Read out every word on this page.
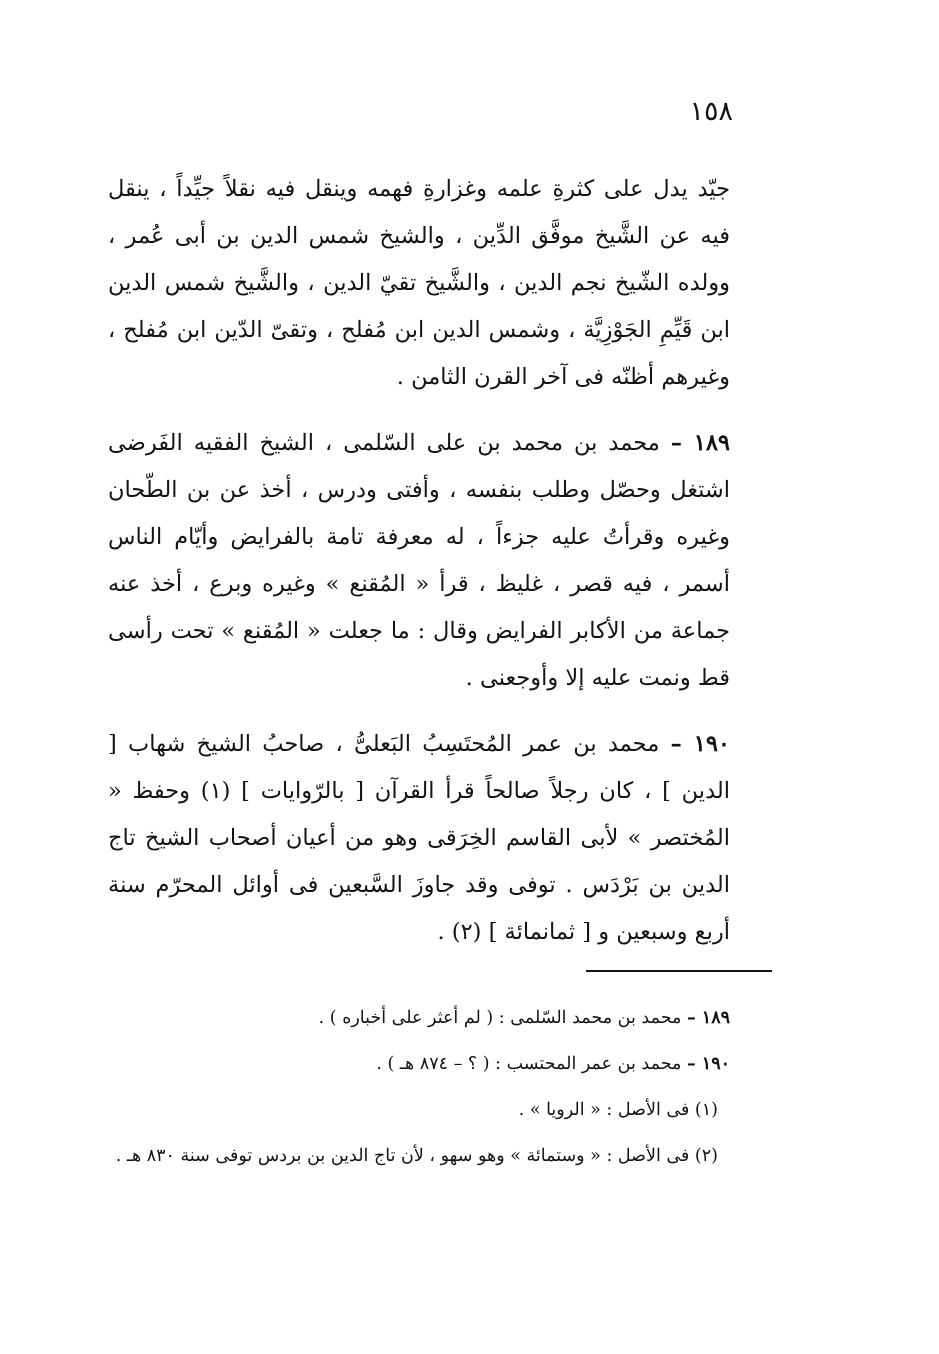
١٥٨

جيّد يدل على كثرةِ علمه وغزارةِ فهمه وينقل فيه نقلاً جيِّداً ، ينقل فيه عن الشَّيخ موفَّق الدِّين ، والشيخ شمس الدين بن أبى عُمر ، وولده الشّيخ نجم الدين ، والشَّيخ تقيّ الدين ، والشَّيخ شمس الدين ابن قَيِّمِ الجَوْزِيَّة ، وشمس الدين ابن مُفلح ، وتقىّ الدّين ابن مُفلح ، وغيرهم أظنّه فى آخر القرن الثامن .

١٨٩ – محمد بن محمد بن على السّلمى ، الشيخ الفقيه الفَرضى اشتغل وحصّل وطلب بنفسه ، وأفتى ودرس ، أخذ عن بن الطّحان وغيره وقرأتُ عليه جزءاً ، له معرفة تامة بالفرايض وأيّام الناس أسمر ، فيه قصر ، غليظ ، قرأ « المُقنع » وغيره وبرع ، أخذ عنه جماعة من الأكابر الفرايض وقال : ما جعلت « المُقنع » تحت رأسى قط ونمت عليه إلا وأوجعنى .

١٩٠ – محمد بن عمر المُحتَسِبُ البَعلىُّ ، صاحبُ الشيخ شهاب [ الدين ] ، كان رجلاً صالحاً قرأ القرآن [ بالرّوايات ] (١) وحفظ « المُختصر » لأبى القاسم الخِرَقى وهو من أعيان أصحاب الشيخ تاج الدين بن بَرْدَس . توفى وقد جاوزَ السَّبعين فى أوائل المحرّم سنة أربع وسبعين و [ ثمانمائة ] (٢) .

١٨٩ – محمد بن محمد السّلمى : ( لم أعثر على أخباره ) .

١٩٠ – محمد بن عمر المحتسب : ( ؟ – ٨٧٤ هـ ) .

(١) فى الأصل : « الرويا » .

(٢) فى الأصل : « وستمائة » وهو سهو ، لأن تاج الدين بن بردس توفى سنة ٨٣٠ هـ .
